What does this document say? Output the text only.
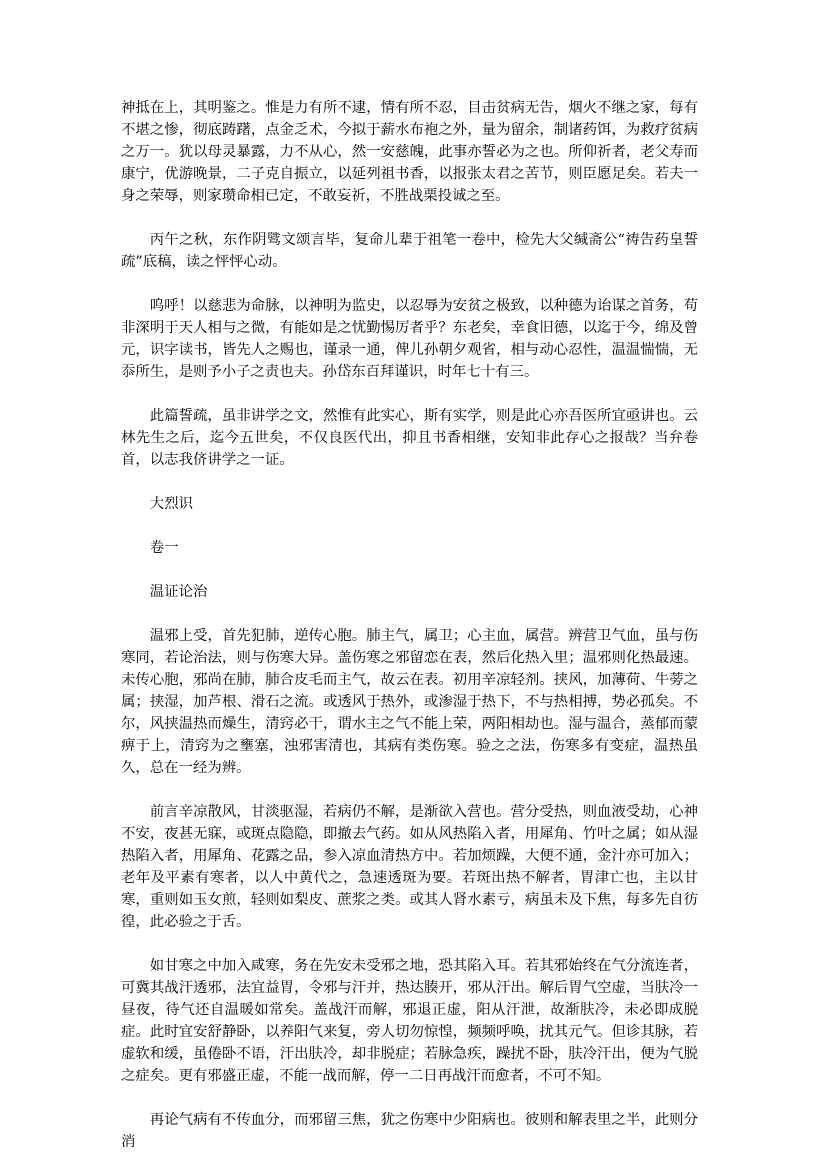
神抵在上，其明鉴之。惟是力有所不逮，情有所不忍，目击贫病无告，烟火不继之家，每有不堪之惨，彻底踌躇，点金乏术，今拟于薪水布袍之外，量为留余，制诸药饵，为救疗贫病之万一。犹以母灵暴露，力不从心，然一安慈魄，此事亦誓必为之也。所仰祈者，老父寿而康宁，优游晚景，二子克自振立，以延列祖书香，以报张太君之苦节，则臣愿足矣。若夫一身之荣辱，则家瓒命相已定，不敢妄祈，不胜战栗投诚之至。

丙午之秋，东作阴骘文颂言毕，复命儿辈于祖笔一卷中，检先大父缄斋公“祷告药皇誓疏”底稿，读之怦怦心动。

呜呼！以慈悲为命脉，以神明为监史，以忍辱为安贫之极致，以种德为诒谋之首务，苟非深明于天人相与之微，有能如是之忧勤惕厉者乎？东老矣，幸食旧德，以迄于今，绵及曾元，识字读书，皆先人之赐也，谨录一通，俾儿孙朝夕观省，相与动心忍性，温温惴惴，无忝所生，是则予小子之责也夫。孙岱东百拜谨识，时年七十有三。

此篇誓疏，虽非讲学之文，然惟有此实心，斯有实学，则是此心亦吾医所宜亟讲也。云林先生之后，迄今五世矣，不仅良医代出，抑且书香相继，安知非此存心之报哉？当弁卷首，以志我侪讲学之一证。

大烈识

卷一

温证论治

温邪上受，首先犯肺，逆传心胞。肺主气，属卫；心主血，属营。辨营卫气血，虽与伤寒同，若论治法，则与伤寒大异。盖伤寒之邪留恋在表，然后化热入里；温邪则化热最速。未传心胞，邪尚在肺，肺合皮毛而主气，故云在表。初用辛凉轻剂。挟风，加薄荷、牛蒡之属；挟湿，加芦根、滑石之流。或透风于热外，或渗湿于热下，不与热相搏，势必孤矣。不尔，风挟温热而燥生，清窍必干，谓水主之气不能上荣，两阳相劫也。湿与温合，蒸郁而蒙痹于上，清窍为之壅塞，浊邪害清也，其病有类伤寒。验之之法，伤寒多有变症，温热虽久，总在一经为辨。

前言辛凉散风，甘淡驱湿，若病仍不解，是渐欲入营也。营分受热，则血液受劫，心神不安，夜甚无寐，或斑点隐隐，即撤去气药。如从风热陷入者，用犀角、竹叶之属；如从湿热陷入者，用犀角、花露之品，参入凉血清热方中。若加烦躁，大便不通，金汁亦可加入；老年及平素有寒者，以人中黄代之，急速透斑为要。若斑出热不解者，胃津亡也，主以甘寒，重则如玉女煎，轻则如梨皮、蔗浆之类。或其人肾水素亏，病虽未及下焦，每多先自彷徨，此必验之于舌。

如甘寒之中加入咸寒，务在先安未受邪之地，恐其陷入耳。若其邪始终在气分流连者，可冀其战汗透邪，法宜益胃，令邪与汗并，热达腠开，邪从汗出。解后胃气空虚，当肤冷一昼夜，待气还自温暖如常矣。盖战汗而解，邪退正虚，阳从汗泄，故渐肤冷，未必即成脱症。此时宜安舒静卧，以养阳气来复，旁人切勿惊惶，频频呼唤，扰其元气。但诊其脉，若虚软和缓，虽倦卧不语，汗出肤冷，却非脱症；若脉急疾，躁扰不卧，肤冷汗出，便为气脱之症矣。更有邪盛正虚，不能一战而解，停一二日再战汗而愈者，不可不知。

再论气病有不传血分，而邪留三焦，犹之伤寒中少阳病也。彼则和解表里之半，此则分消
